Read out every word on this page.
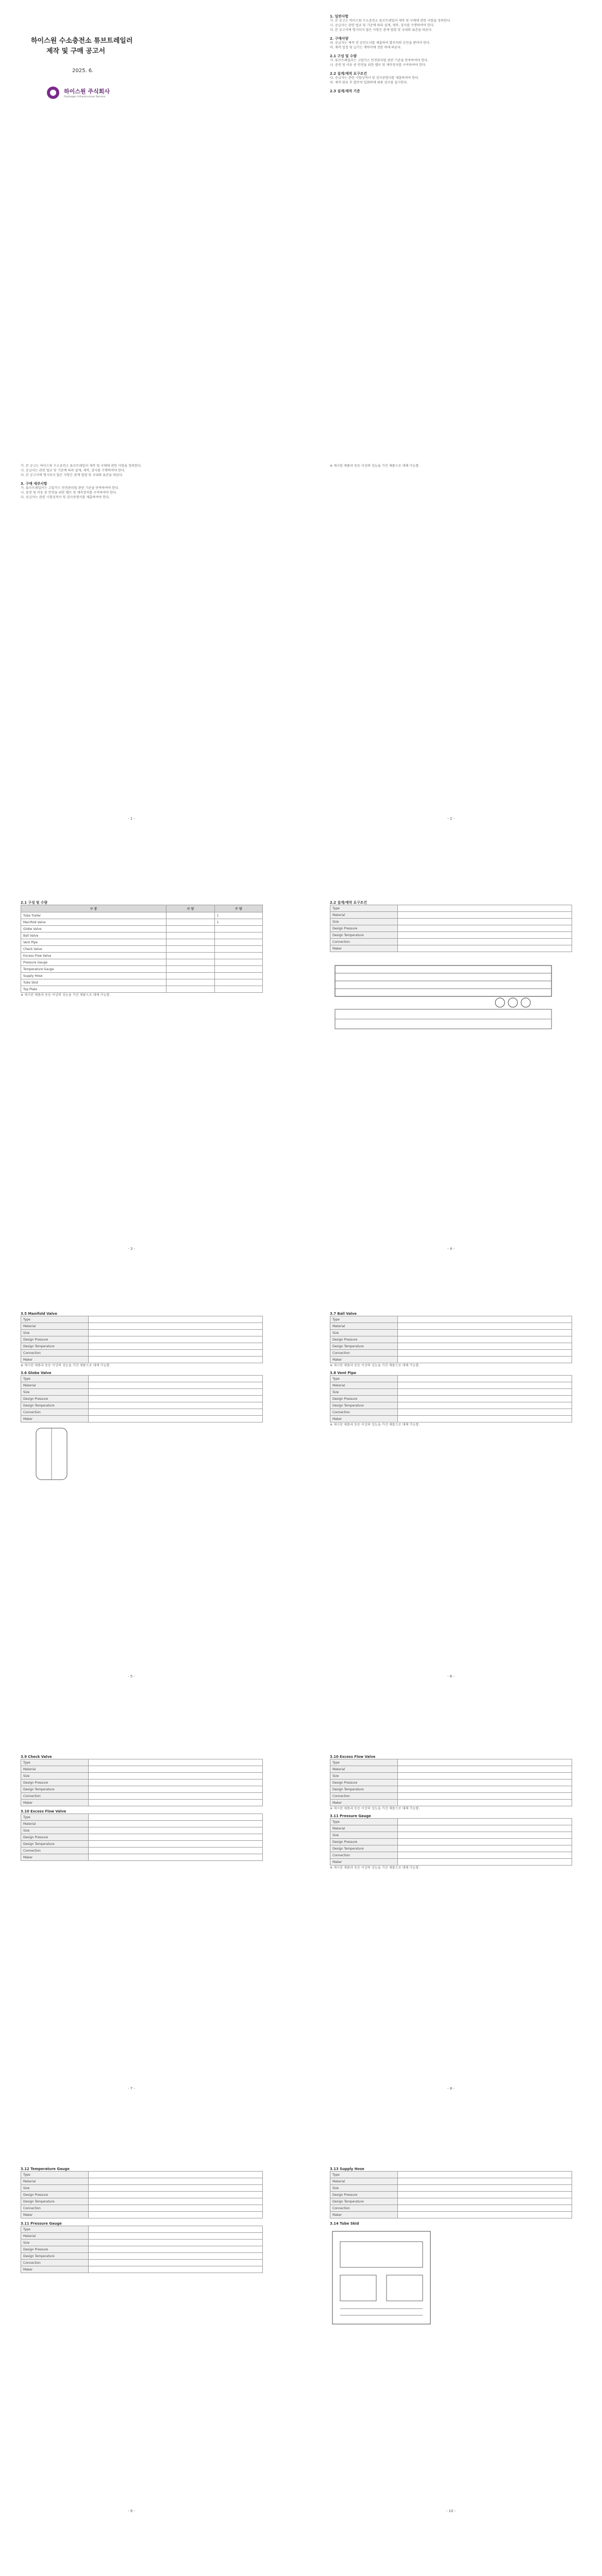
하이스원 수소충전소 튜브트레일러
제작 및 구매 공고서
2025. 6.
하이스원 주식회사
Hydrogen Infrastructure Service
1. 일반사항
가. 본 공고는 하이스원 수소충전소 튜브트레일러 제작 및 구매에 관한 사항을 정의한다.
나. 공급자는 관련 법규 및 기준에 따라 설계, 제작, 검사를 수행하여야 한다.
다. 본 공고서에 명시되지 않은 사항은 관계 법령 및 국내외 표준을 따른다.
2. 구매사양
라. 공급자는 제작 전 승인도서를 제출하여 발주처의 승인을 받아야 한다.
마. 제작 일정 및 납기는 계약서에 정한 바에 따른다.
2.1 구성 및 수량
가. 튜브트레일러는 고압가스 안전관리법 관련 기준을 만족하여야 한다.
나. 충전 및 이송 중 안전을 위한 밸브 및 계측장치를 구비하여야 한다.
2.2 설계/제작 요구조건
다. 공급자는 관련 시험성적서 및 검사증명서를 제출하여야 한다.
라. 제작 완료 후 발주처 입회하에 최종 검사를 실시한다.
2.3 설계/제작 기준
가. 본 공고는 하이스원 수소충전소 튜브트레일러 제작 및 구매에 관한 사항을 정의한다.
나. 공급자는 관련 법규 및 기준에 따라 설계, 제작, 검사를 수행하여야 한다.
다. 본 공고서에 명시되지 않은 사항은 관계 법령 및 국내외 표준을 따른다.
3. 구매 세부사항
가. 튜브트레일러는 고압가스 안전관리법 관련 기준을 만족하여야 한다.
나. 충전 및 이송 중 안전을 위한 밸브 및 계측장치를 구비하여야 한다.
다. 공급자는 관련 시험성적서 및 검사증명서를 제출하여야 한다.
※ 제시된 제품과 동등 이상의 성능을 가진 제품으로 대체 가능함.
- 1 -	- 2 -
2.1 구성 및 수량
구 분	사 양	수 량
Tube Trailer		1
Manifold Valve		1
Globe Valve		
Ball Valve		
Vent Pipe		
Check Valve		
Excess Flow Valve		
Pressure Gauge		
Temperature Gauge		
Supply Hose		
Tube Skid		
Top Plate		
※ 제시된 제품과 동등 이상의 성능을 가진 제품으로 대체 가능함.
2.2 설계/제작 요구조건
Type	
Material	
Size	
Design Pressure	
Design Temperature	
Connection	
Maker	
- 3 -	- 4 -
3.5 Manifold Valve
Type	
Material	
Size	
Design Pressure	
Design Temperature	
Connection	
Maker	
※ 제시된 제품과 동등 이상의 성능을 가진 제품으로 대체 가능함.
3.6 Globe Valve
Type	
Material	
Size	
Design Pressure	
Design Temperature	
Connection	
Maker	
3.7 Ball Valve
Type	
Material	
Size	
Design Pressure	
Design Temperature	
Connection	
Maker	
※ 제시된 제품과 동등 이상의 성능을 가진 제품으로 대체 가능함.
3.8 Vent Pipe
Type	
Material	
Size	
Design Pressure	
Design Temperature	
Connection	
Maker	
※ 제시된 제품과 동등 이상의 성능을 가진 제품으로 대체 가능함.
- 5 -	- 6 -
3.9 Check Valve
Type	
Material	
Size	
Design Pressure	
Design Temperature	
Connection	
Maker	
3.10 Excess Flow Valve
Type	
Material	
Size	
Design Pressure	
Design Temperature	
Connection	
Maker	
3.10 Excess Flow Valve
Type	
Material	
Size	
Design Pressure	
Design Temperature	
Connection	
Maker	
※ 제시된 제품과 동등 이상의 성능을 가진 제품으로 대체 가능함.
3.11 Pressure Gauge
Type	
Material	
Size	
Design Pressure	
Design Temperature	
Connection	
Maker	
※ 제시된 제품과 동등 이상의 성능을 가진 제품으로 대체 가능함.
- 7 -	- 8 -
3.12 Temperature Gauge
Type	
Material	
Size	
Design Pressure	
Design Temperature	
Connection	
Maker	
3.11 Pressure Gauge
Type	
Material	
Size	
Design Pressure	
Design Temperature	
Connection	
Maker	
3.13 Supply Hose
Type	
Material	
Size	
Design Pressure	
Design Temperature	
Connection	
Maker	
3.14 Tube Skid
- 9 -	- 10 -
